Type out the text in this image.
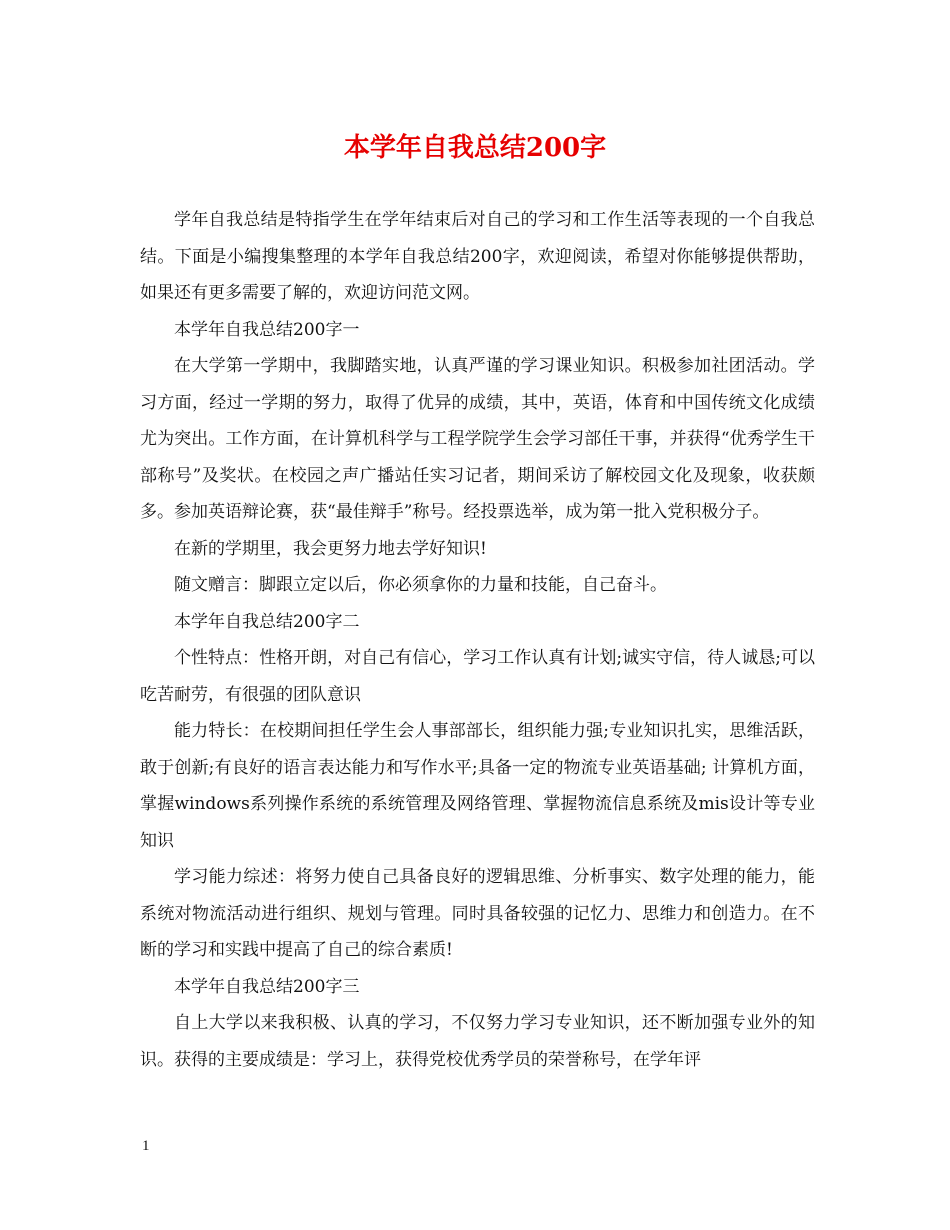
本学年自我总结200字

学年自我总结是特指学生在学年结束后对自己的学习和工作生活等表现的一个自我总结。下面是小编搜集整理的本学年自我总结200字，欢迎阅读，希望对你能够提供帮助，如果还有更多需要了解的，欢迎访问范文网。

本学年自我总结200字一

在大学第一学期中，我脚踏实地，认真严谨的学习课业知识。积极参加社团活动。学习方面，经过一学期的努力，取得了优异的成绩，其中，英语，体育和中国传统文化成绩尤为突出。工作方面，在计算机科学与工程学院学生会学习部任干事，并获得“优秀学生干部称号”及奖状。在校园之声广播站任实习记者，期间采访了解校园文化及现象，收获颇多。参加英语辩论赛，获“最佳辩手”称号。经投票选举，成为第一批入党积极分子。

在新的学期里，我会更努力地去学好知识!

随文赠言：脚跟立定以后，你必须拿你的力量和技能，自己奋斗。

本学年自我总结200字二

个性特点：性格开朗，对自己有信心，学习工作认真有计划;诚实守信，待人诚恳;可以吃苦耐劳，有很强的团队意识

能力特长：在校期间担任学生会人事部部长，组织能力强;专业知识扎实，思维活跃，敢于创新;有良好的语言表达能力和写作水平;具备一定的物流专业英语基础; 计算机方面，掌握windows系列操作系统的系统管理及网络管理、掌握物流信息系统及mis设计等专业知识

学习能力综述：将努力使自己具备良好的逻辑思维、分析事实、数字处理的能力，能系统对物流活动进行组织、规划与管理。同时具备较强的记忆力、思维力和创造力。在不断的学习和实践中提高了自己的综合素质!

本学年自我总结200字三

自上大学以来我积极、认真的学习，不仅努力学习专业知识，还不断加强专业外的知识。获得的主要成绩是：学习上，获得党校优秀学员的荣誉称号，在学年评

1
